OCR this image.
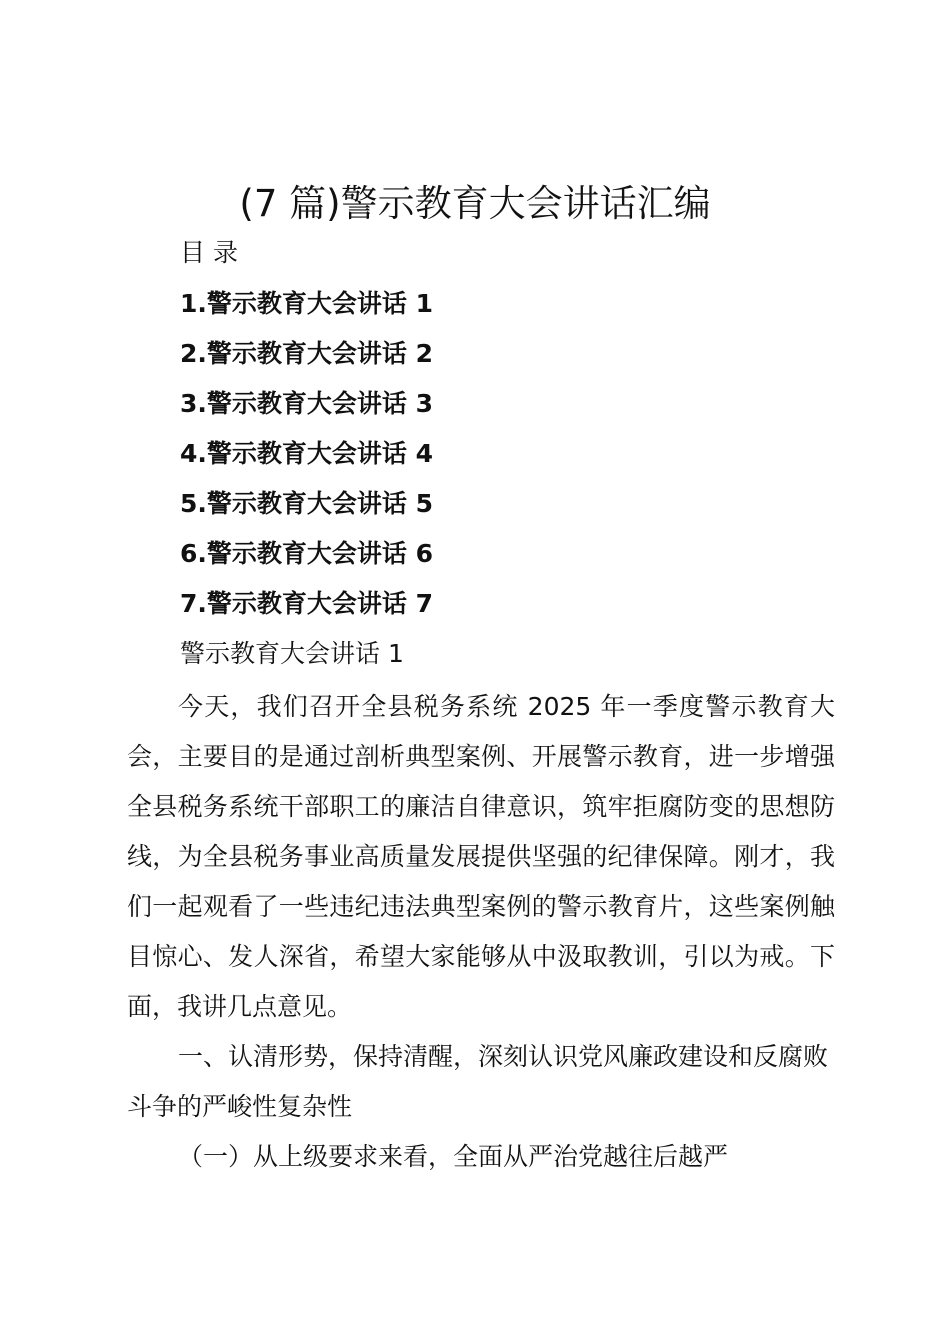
(7 篇)警示教育大会讲话汇编
目 录
1.警示教育大会讲话 1
2.警示教育大会讲话 2
3.警示教育大会讲话 3
4.警示教育大会讲话 4
5.警示教育大会讲话 5
6.警示教育大会讲话 6
7.警示教育大会讲话 7
警示教育大会讲话 1

今天，我们召开全县税务系统 2025 年一季度警示教育大会，主要目的是通过剖析典型案例、开展警示教育，进一步增强全县税务系统干部职工的廉洁自律意识，筑牢拒腐防变的思想防线，为全县税务事业高质量发展提供坚强的纪律保障。刚才，我们一起观看了一些违纪违法典型案例的警示教育片，这些案例触目惊心、发人深省，希望大家能够从中汲取教训，引以为戒。下面，我讲几点意见。

一、认清形势，保持清醒，深刻认识党风廉政建设和反腐败斗争的严峻性复杂性

（一）从上级要求来看，全面从严治党越往后越严
